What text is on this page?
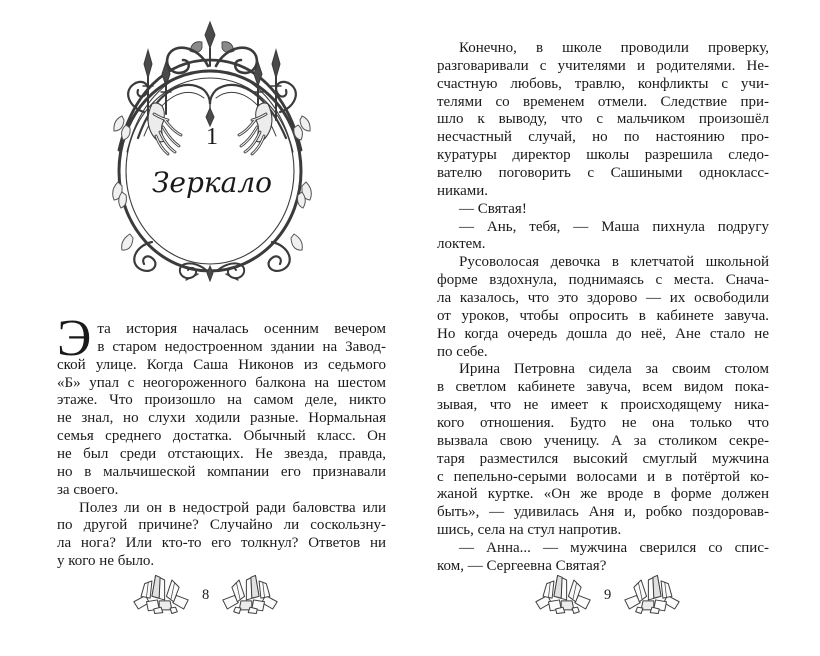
1
Зеркало
Э та история началась осенним вечером
в старом недостроенном здании на Завод-
ской улице. Когда Саша Никонов из седьмого
«Б» упал с неогороженного балкона на шестом
этаже. Что произошло на самом деле, никто
не знал, но слухи ходили разные. Нормальная
семья среднего достатка. Обычный класс. Он
не был среди отстающих. Не звезда, правда,
но в мальчишеской компании его признавали
за своего.
Полез ли он в недострой ради баловства или
по другой причине? Случайно ли соскользну-
ла нога? Или кто-то его толкнул? Ответов ни
у кого не было.
8
Конечно, в школе проводили проверку,
разговаривали с учителями и родителями. Не-
счастную любовь, травлю, конфликты с учи-
телями со временем отмели. Следствие при-
шло к выводу, что с мальчиком произошёл
несчастный случай, но по настоянию про-
куратуры директор школы разрешила следо-
вателю поговорить с Сашиными однокласс-
никами.
— Святая!
— Ань, тебя, — Маша пихнула подругу
локтем.
Русоволосая девочка в клетчатой школьной
форме вздохнула, поднимаясь с места. Снача-
ла казалось, что это здорово — их освободили
от уроков, чтобы опросить в кабинете завуча.
Но когда очередь дошла до неё, Ане стало не
по себе.
Ирина Петровна сидела за своим столом
в светлом кабинете завуча, всем видом пока-
зывая, что не имеет к происходящему ника-
кого отношения. Будто не она только что
вызвала свою ученицу. А за столиком секре-
таря разместился высокий смуглый мужчина
с пепельно-серыми волосами и в потёртой ко-
жаной куртке. «Он же вроде в форме должен
быть», — удивилась Аня и, робко поздоровав-
шись, села на стул напротив.
— Анна... — мужчина сверился со спис-
ком, — Сергеевна Святая?
9
